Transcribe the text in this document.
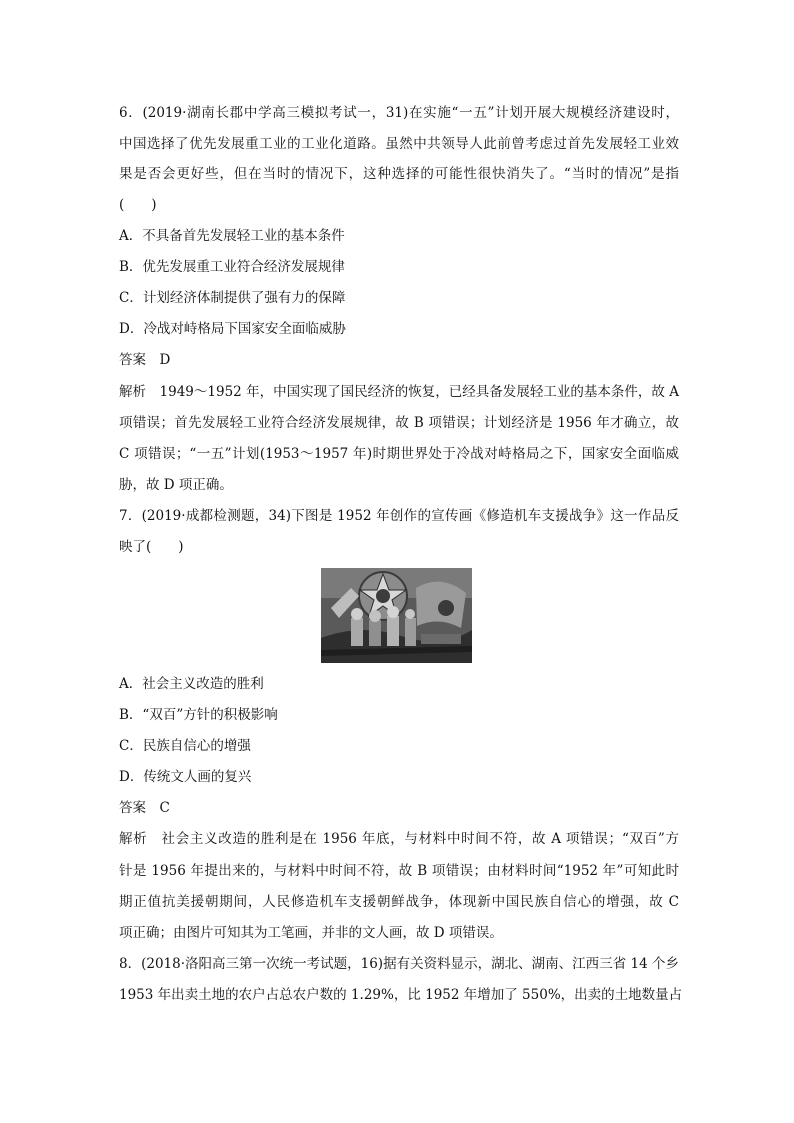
6．(2019·湖南长郡中学高三模拟考试一，31)在实施“一五”计划开展大规模经济建设时，
中国选择了优先发展重工业的工业化道路。虽然中共领导人此前曾考虑过首先发展轻工业效
果是否会更好些，但在当时的情况下，这种选择的可能性很快消失了。“当时的情况”是指
(　　)
A．不具备首先发展轻工业的基本条件
B．优先发展重工业符合经济发展规律
C．计划经济体制提供了强有力的保障
D．冷战对峙格局下国家安全面临威胁
答案　D
解析　1949～1952 年，中国实现了国民经济的恢复，已经具备发展轻工业的基本条件，故 A
项错误；首先发展轻工业符合经济发展规律，故 B 项错误；计划经济是 1956 年才确立，故
C 项错误；“一五”计划(1953～1957 年)时期世界处于冷战对峙格局之下，国家安全面临威
胁，故 D 项正确。
7．(2019·成都检测题，34)下图是 1952 年创作的宣传画《修造机车支援战争》这一作品反
映了(　　)
A．社会主义改造的胜利
B．“双百”方针的积极影响
C．民族自信心的增强
D．传统文人画的复兴
答案　C
解析　社会主义改造的胜利是在 1956 年底，与材料中时间不符，故 A 项错误；“双百”方
针是 1956 年提出来的，与材料中时间不符，故 B 项错误；由材料时间“1952 年”可知此时
期正值抗美援朝期间，人民修造机车支援朝鲜战争，体现新中国民族自信心的增强，故 C
项正确；由图片可知其为工笔画，并非的文人画，故 D 项错误。
8．(2018·洛阳高三第一次统一考试题，16)据有关资料显示，湖北、湖南、江西三省 14 个乡
1953 年出卖土地的农户占总农户数的 1.29%，比 1952 年增加了 550%，出卖的土地数量占
